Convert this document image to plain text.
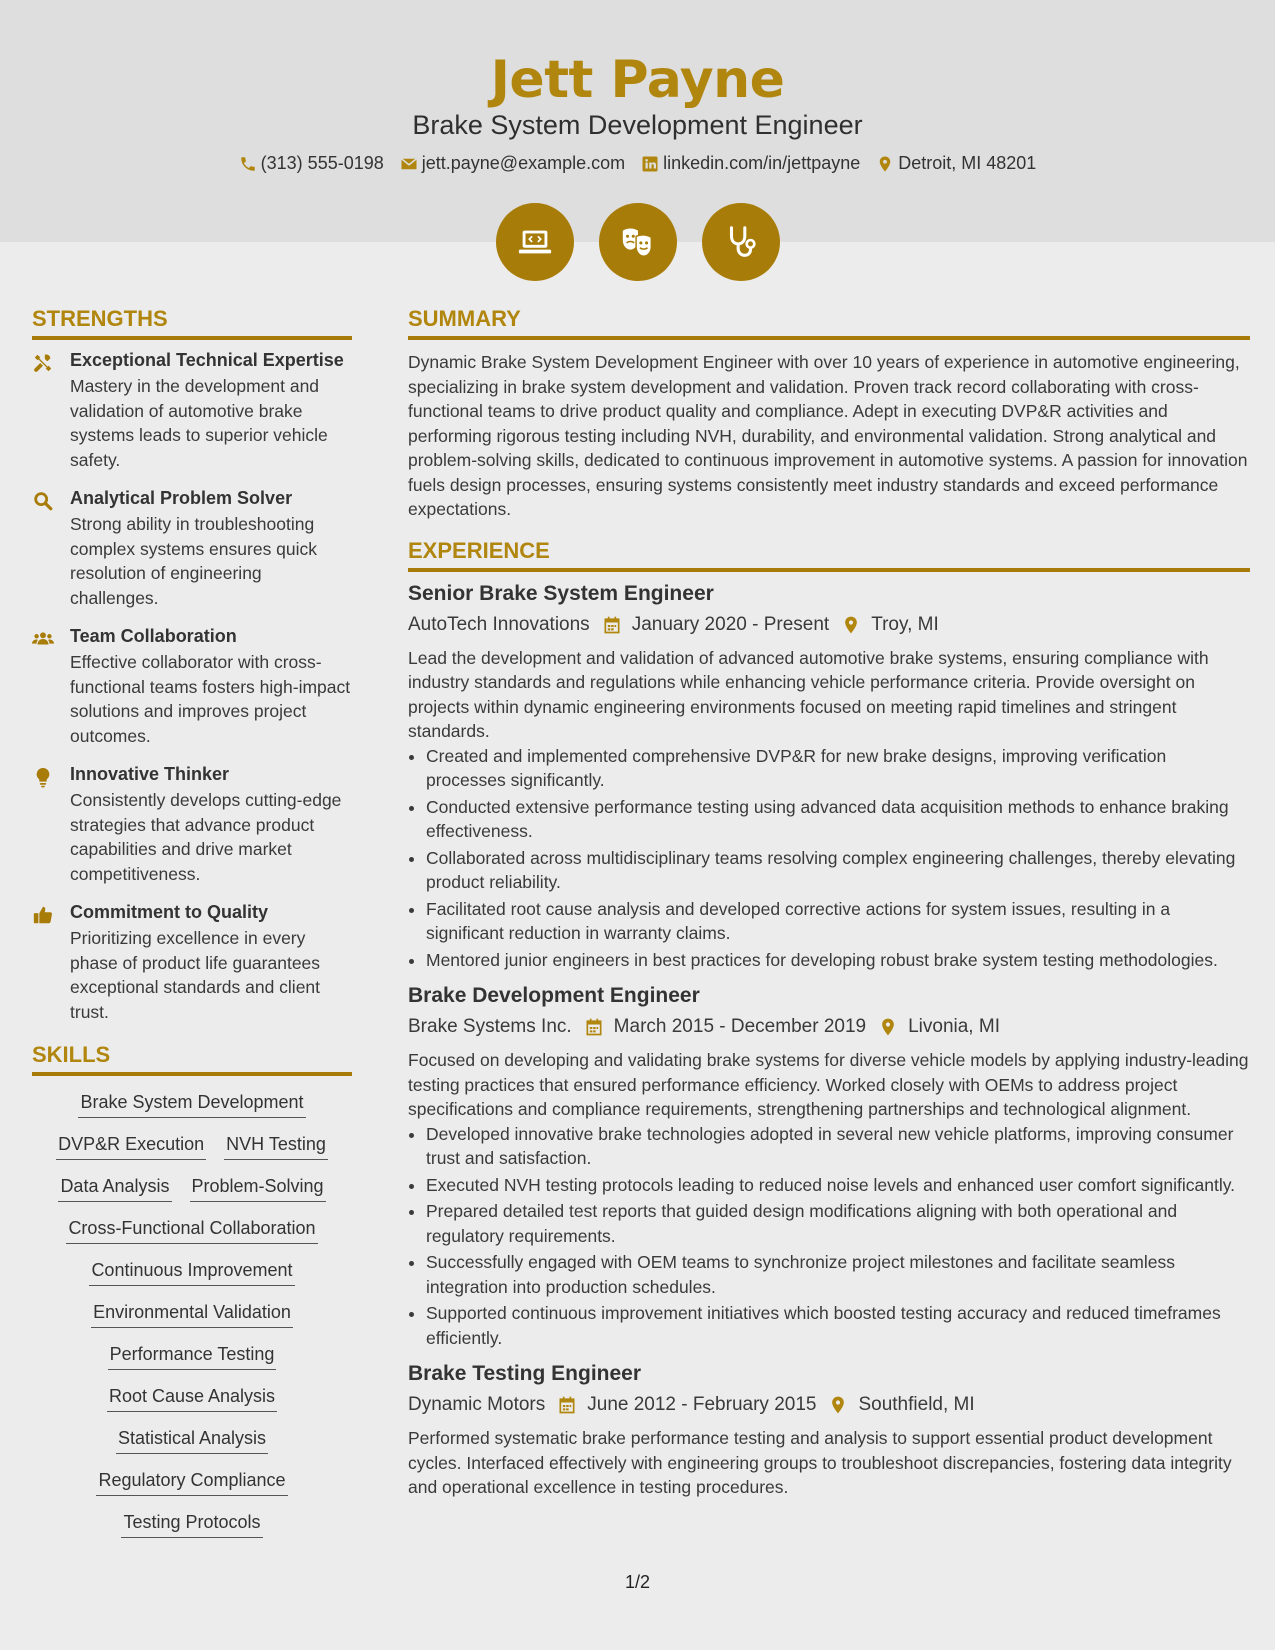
Jett Payne
Brake System Development Engineer
(313) 555-0198 jett.payne@example.com linkedin.com/in/jettpayne Detroit, MI 48201
STRENGTHS
Exceptional Technical Expertise
Mastery in the development and validation of automotive brake systems leads to superior vehicle safety.
Analytical Problem Solver
Strong ability in troubleshooting complex systems ensures quick resolution of engineering challenges.
Team Collaboration
Effective collaborator with cross-functional teams fosters high-impact solutions and improves project outcomes.
Innovative Thinker
Consistently develops cutting-edge strategies that advance product capabilities and drive market competitiveness.
Commitment to Quality
Prioritizing excellence in every phase of product life guarantees exceptional standards and client trust.
SKILLS
Brake System Development
DVP&R Execution NVH Testing
Data Analysis Problem-Solving
Cross-Functional Collaboration
Continuous Improvement
Environmental Validation
Performance Testing
Root Cause Analysis
Statistical Analysis
Regulatory Compliance
Testing Protocols
SUMMARY
Dynamic Brake System Development Engineer with over 10 years of experience in automotive engineering, specializing in brake system development and validation. Proven track record collaborating with cross-functional teams to drive product quality and compliance. Adept in executing DVP&R activities and performing rigorous testing including NVH, durability, and environmental validation. Strong analytical and problem-solving skills, dedicated to continuous improvement in automotive systems. A passion for innovation fuels design processes, ensuring systems consistently meet industry standards and exceed performance expectations.
EXPERIENCE
Senior Brake System Engineer
AutoTech Innovations January 2020 - Present Troy, MI
Lead the development and validation of advanced automotive brake systems, ensuring compliance with industry standards and regulations while enhancing vehicle performance criteria. Provide oversight on projects within dynamic engineering environments focused on meeting rapid timelines and stringent standards.
• Created and implemented comprehensive DVP&R for new brake designs, improving verification processes significantly.
• Conducted extensive performance testing using advanced data acquisition methods to enhance braking effectiveness.
• Collaborated across multidisciplinary teams resolving complex engineering challenges, thereby elevating product reliability.
• Facilitated root cause analysis and developed corrective actions for system issues, resulting in a significant reduction in warranty claims.
• Mentored junior engineers in best practices for developing robust brake system testing methodologies.
Brake Development Engineer
Brake Systems Inc. March 2015 - December 2019 Livonia, MI
Focused on developing and validating brake systems for diverse vehicle models by applying industry-leading testing practices that ensured performance efficiency. Worked closely with OEMs to address project specifications and compliance requirements, strengthening partnerships and technological alignment.
• Developed innovative brake technologies adopted in several new vehicle platforms, improving consumer trust and satisfaction.
• Executed NVH testing protocols leading to reduced noise levels and enhanced user comfort significantly.
• Prepared detailed test reports that guided design modifications aligning with both operational and regulatory requirements.
• Successfully engaged with OEM teams to synchronize project milestones and facilitate seamless integration into production schedules.
• Supported continuous improvement initiatives which boosted testing accuracy and reduced timeframes efficiently.
Brake Testing Engineer
Dynamic Motors June 2012 - February 2015 Southfield, MI
Performed systematic brake performance testing and analysis to support essential product development cycles. Interfaced effectively with engineering groups to troubleshoot discrepancies, fostering data integrity and operational excellence in testing procedures.
1/2
